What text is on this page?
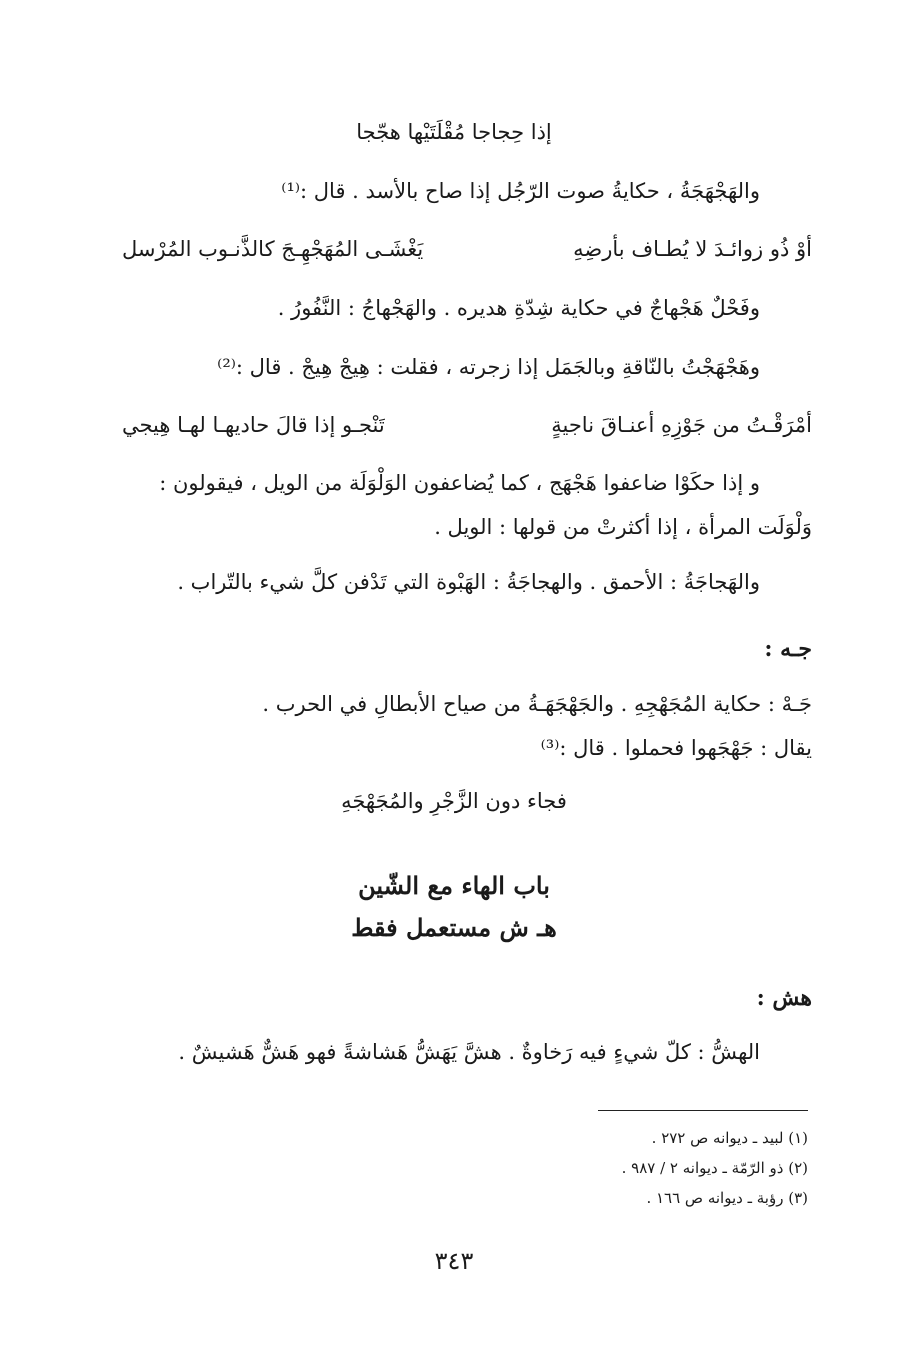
إذا حِجاجا مُقْلَتَيْها هجّجا
والهَجْهَجَةُ ، حكايةُ صوت الرّجُل إذا صاح بالأسد . قال :⁽¹⁾
أوْ ذُو زوائـدَ لا يُطـاف بأرضِهِ
يَغْشَـى المُهَجْهِـجَ كالذَّنـوب المُرْسل
وفَحْلٌ هَجْهاجٌ في حكاية شِدّةِ هديره . والهَجْهاجُ : النَّفُورُ .
وهَجْهَجْتُ بالنّاقةِ وبالجَمَل إذا زجرته ، فقلت : هِيجْ هِيجْ . قال :⁽²⁾
أمْرَقْـتُ من جَوْزِهِ أعنـاقَ ناجيةٍ
تَنْجـو إذا قالَ حاديهـا لهـا هِيجي
و إذا حكَوْا ضاعفوا هَجْهَج ، كما يُضاعفون الوَلْوَلَة من الويل ، فيقولون :
وَلْوَلَت المرأة ، إذا أكثرتْ من قولها : الويل .
والهَجاجَةُ : الأحمق . والهجاجَةُ : الهَبْوة التي تَدْفن كلَّ شيء بالتّراب .
جـه :
جَـهْ : حكاية المُجَهْجِهِ . والجَهْجَهَـةُ من صياح الأبطالِ في الحرب .
يقال : جَهْجَهوا فحملوا . قال :⁽³⁾
فجاء دون الزَّجْرِ والمُجَهْجَهِ
باب الهاء مع الشّين
هـ ش مستعمل فقط
هش :
الهشُّ : كلّ شيءٍ فيه رَخاوةٌ . هشَّ يَهَشُّ هَشاشةً فهو هَشٌّ هَشيشٌ .
(١) لبيد ـ ديوانه ص ٢٧٢ .
(٢) ذو الرّمّة ـ ديوانه ٢ / ٩٨٧ .
(٣) رؤبة ـ ديوانه ص ١٦٦ .
٣٤٣
